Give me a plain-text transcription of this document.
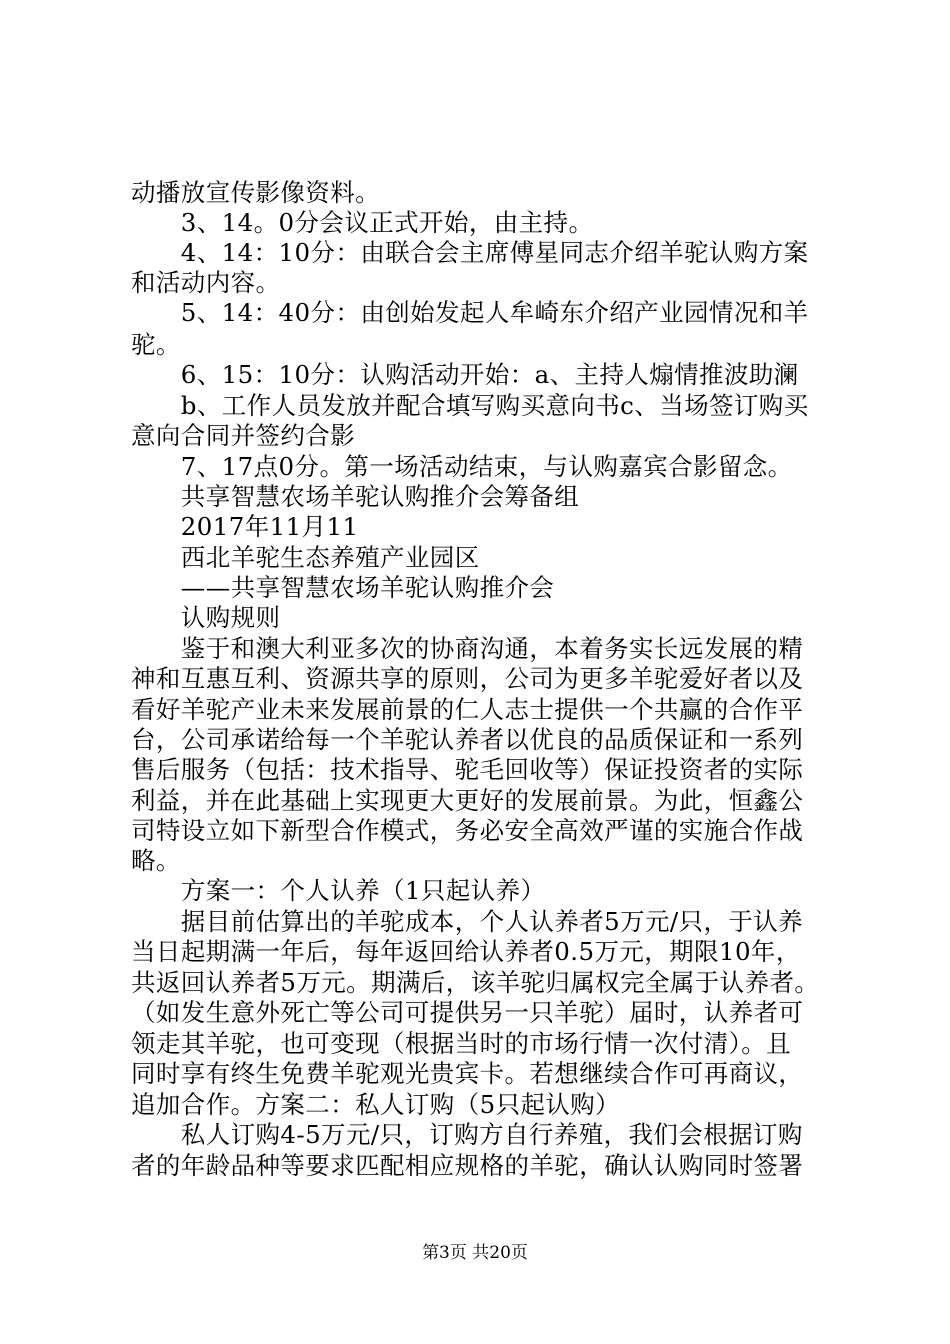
动播放宣传影像资料。
　　3、14。0分会议正式开始，由主持。
　　4、14：10分：由联合会主席傅星同志介绍羊驼认购方案
和活动内容。
　　5、14：40分：由创始发起人牟崎东介绍产业园情况和羊
驼。
　　6、15：10分：认购活动开始：a、主持人煽情推波助澜
　　b、工作人员发放并配合填写购买意向书c、当场签订购买
意向合同并签约合影
　　7、17点0分。第一场活动结束，与认购嘉宾合影留念。
　　共享智慧农场羊驼认购推介会筹备组
　　2017年11月11
　　西北羊驼生态养殖产业园区
　　——共享智慧农场羊驼认购推介会
　　认购规则
　　鉴于和澳大利亚多次的协商沟通，本着务实长远发展的精
神和互惠互利、资源共享的原则，公司为更多羊驼爱好者以及
看好羊驼产业未来发展前景的仁人志士提供一个共赢的合作平
台，公司承诺给每一个羊驼认养者以优良的品质保证和一系列
售后服务（包括：技术指导、驼毛回收等）保证投资者的实际
利益，并在此基础上实现更大更好的发展前景。为此，恒鑫公
司特设立如下新型合作模式，务必安全高效严谨的实施合作战
略。
　　方案一：个人认养（1只起认养）
　　据目前估算出的羊驼成本，个人认养者5万元/只，于认养
当日起期满一年后，每年返回给认养者0.5万元，期限10年，
共返回认养者5万元。期满后，该羊驼归属权完全属于认养者。
（如发生意外死亡等公司可提供另一只羊驼）届时，认养者可
领走其羊驼，也可变现（根据当时的市场行情一次付清）。且
同时享有终生免费羊驼观光贵宾卡。若想继续合作可再商议，
追加合作。方案二：私人订购（5只起认购）
　　私人订购4-5万元/只，订购方自行养殖，我们会根据订购
者的年龄品种等要求匹配相应规格的羊驼，确认认购同时签署
第3页 共20页
